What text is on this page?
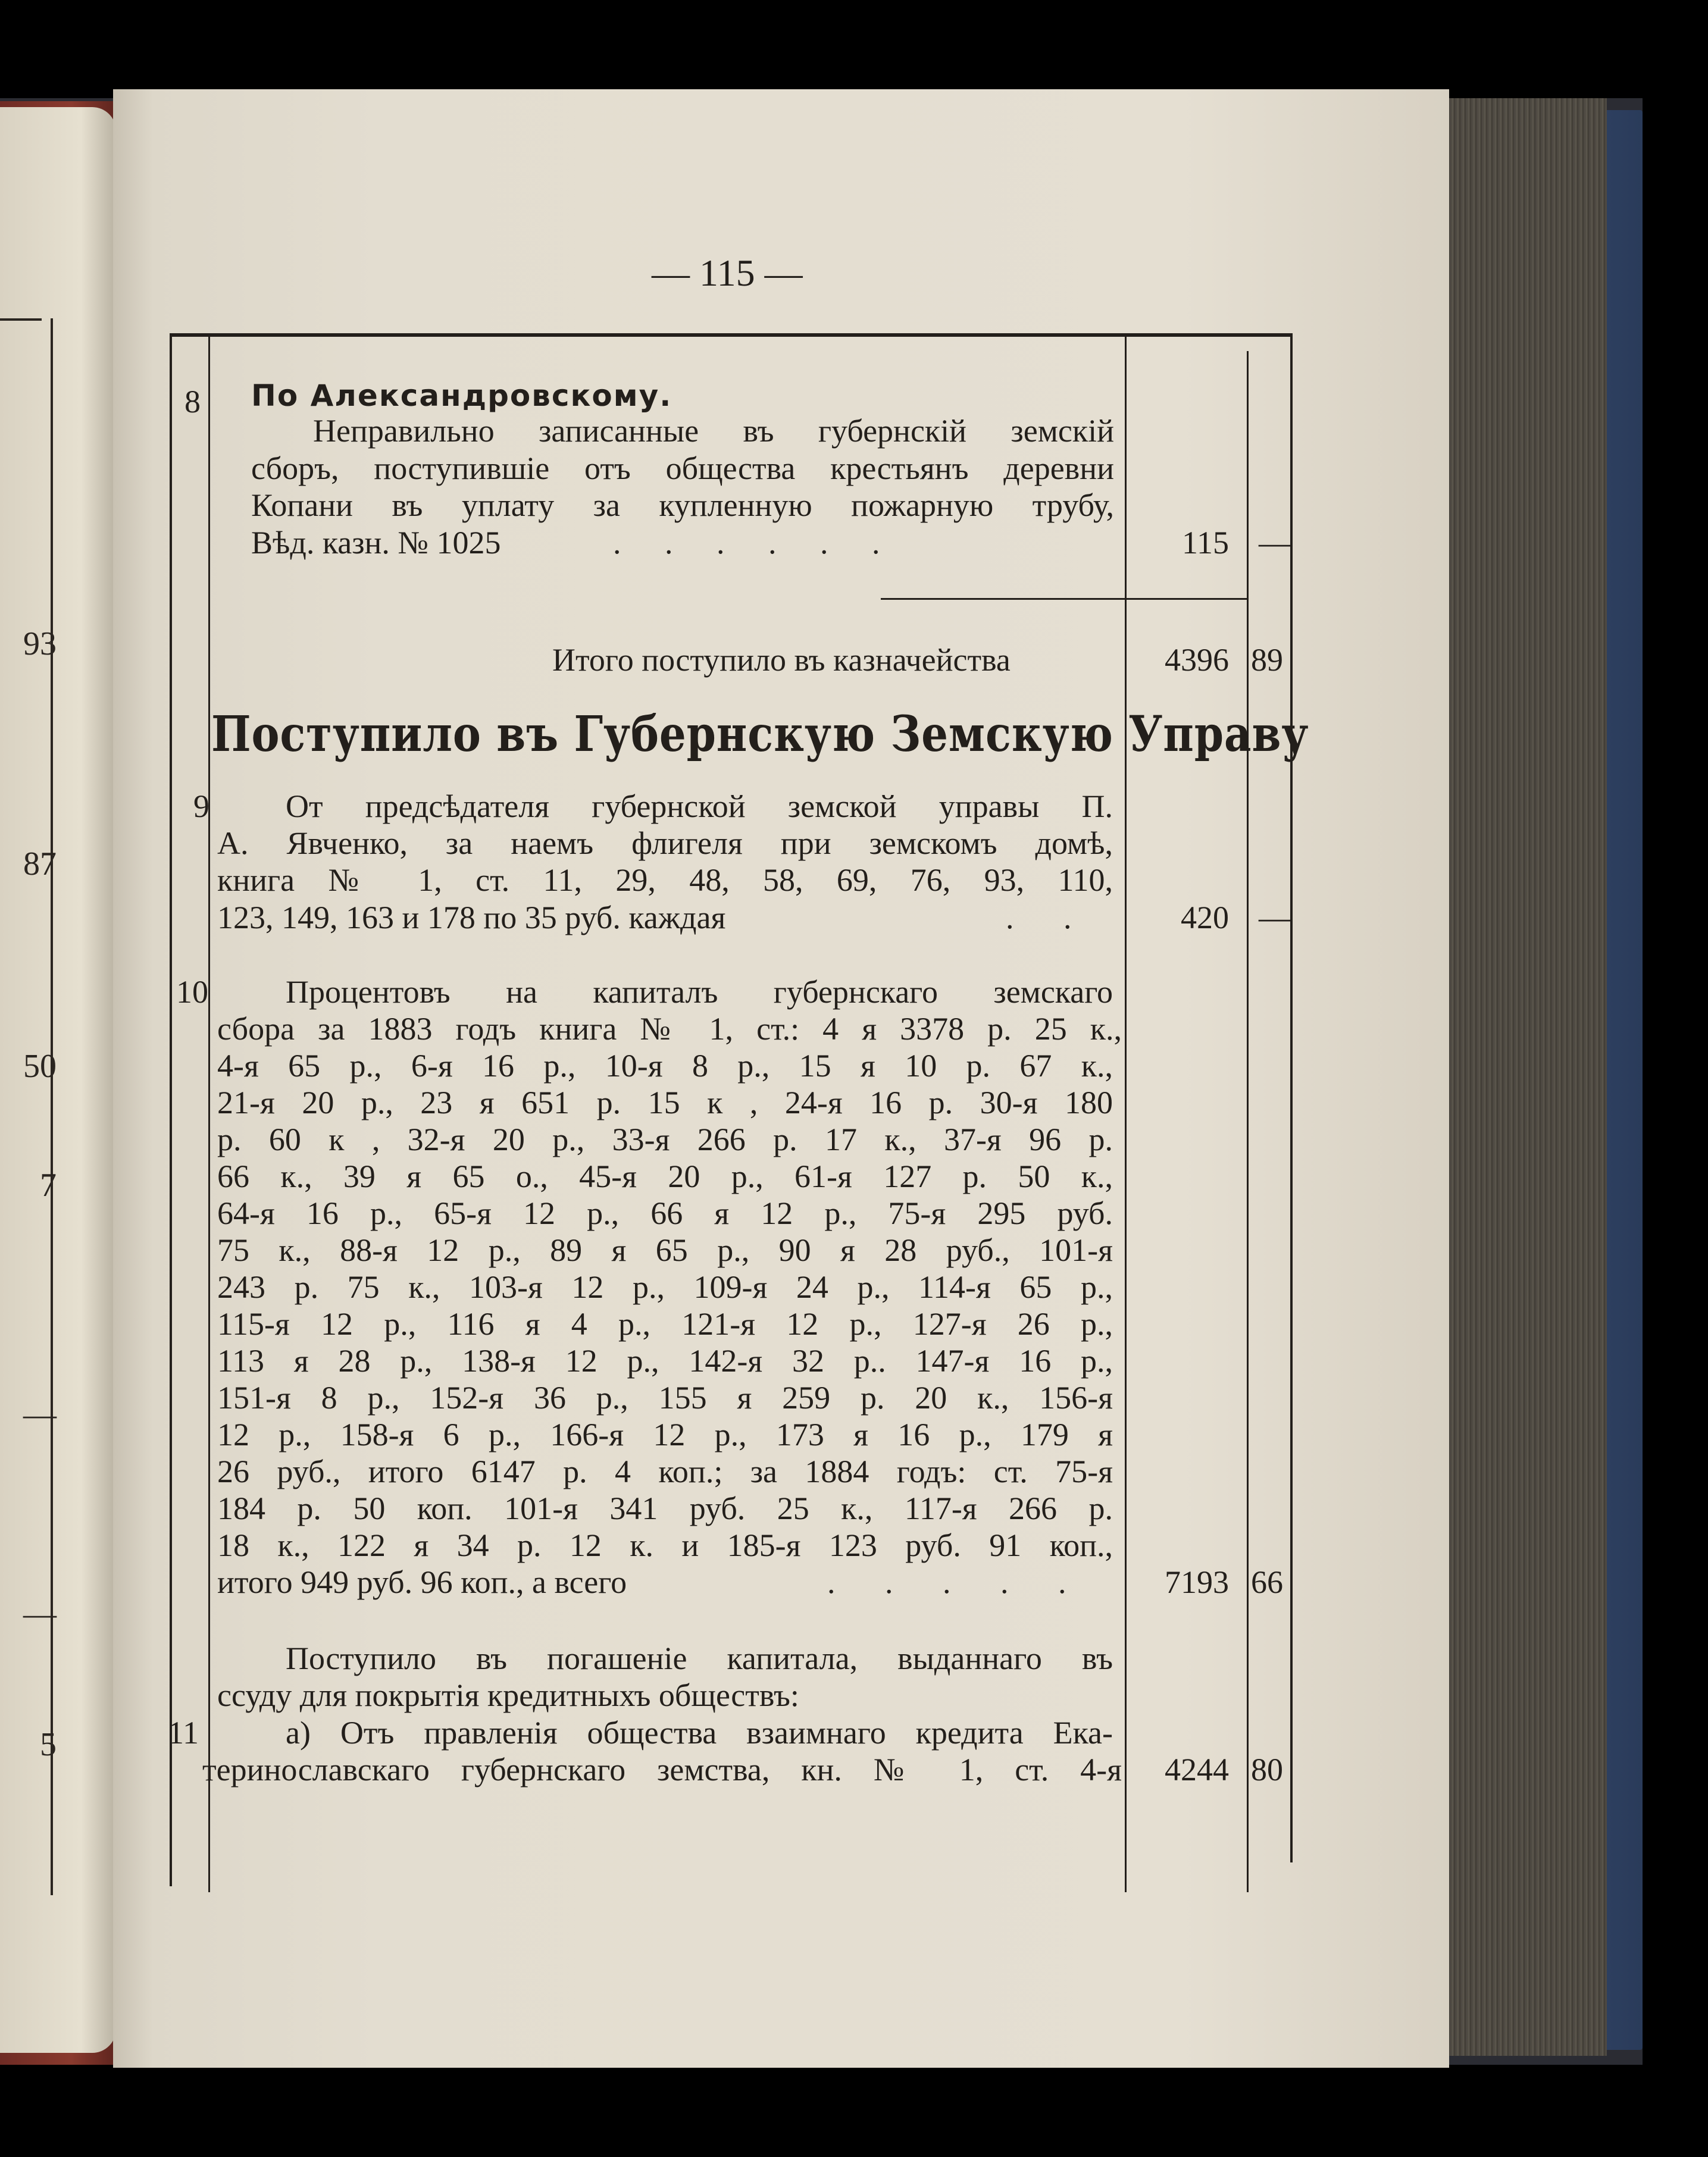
93
87
50
7
—
—
5
— 115 —
8 По Александровскому.
Неправильно записанные въ губернскій земскій
сборъ, поступившіе отъ общества крестьянъ деревни
Копани въ уплату за купленную пожарную трубу,
Вѣд. казн. № 1025	. . . . . .	115 —
Итого поступило въ казначейства	4396 89
Поступило въ Губернскую Земскую Управу
9 От предсѣдателя губернской земской управы П.
А. Явченко, за наемъ флигеля при земскомъ домѣ,
книга № 1, ст. 11, 29, 48, 58, 69, 76, 93, 110,
123, 149, 163 и 178 по 35 руб. каждая	. .	420 —
10 Процентовъ на капиталъ губернскаго земскаго
сбора за 1883 годъ книга № 1, ст.: 4 я 3378 р. 25 к.,
4-я 65 р., 6-я 16 р., 10-я 8 р., 15 я 10 р. 67 к.,
21-я 20 р., 23 я 651 р. 15 к , 24-я 16 р. 30-я 180
р. 60 к , 32-я 20 р., 33-я 266 р. 17 к., 37-я 96 р.
66 к., 39 я 65 о., 45-я 20 р., 61-я 127 р. 50 к.,
64-я 16 р., 65-я 12 р., 66 я 12 р., 75-я 295 руб.
75 к., 88-я 12 р., 89 я 65 р., 90 я 28 руб., 101-я
243 р. 75 к., 103-я 12 р., 109-я 24 р., 114-я 65 р.,
115-я 12 р., 116 я 4 р., 121-я 12 р., 127-я 26 р.,
113 я 28 р., 138-я 12 р., 142-я 32 р.. 147-я 16 р.,
151-я 8 р., 152-я 36 р., 155 я 259 р. 20 к., 156-я
12 р., 158-я 6 р., 166-я 12 р., 173 я 16 р., 179 я
26 руб., итого 6147 р. 4 коп.; за 1884 годъ: ст. 75-я
184 р. 50 коп. 101-я 341 руб. 25 к., 117-я 266 р.
18 к., 122 я 34 р. 12 к. и 185-я 123 руб. 91 коп.,
итого 949 руб. 96 коп., а всего	. . . . .	7193 66
Поступило въ погашеніе капитала, выданнаго въ
ссуду для покрытія кредитныхъ обществъ:
11	а) Отъ правленія общества взаимнаго кредита Ека-
теринославскаго губернскаго земства, кн. № 1, ст. 4-я	4244 80
